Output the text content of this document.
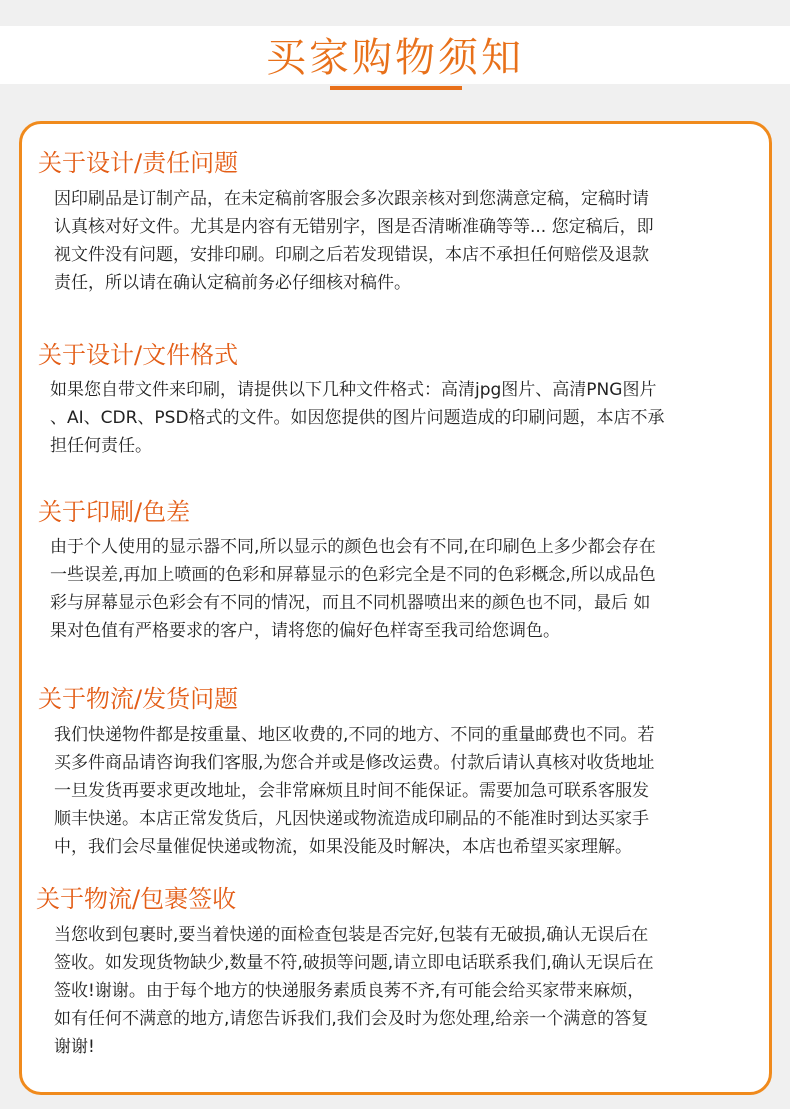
买家购物须知
关于设计/责任问题
因印刷品是订制产品，在未定稿前客服会多次跟亲核对到您满意定稿，定稿时请
认真核对好文件。尤其是内容有无错别字，图是否清晰准确等等... 您定稿后，即
视文件没有问题，安排印刷。印刷之后若发现错误，本店不承担任何赔偿及退款
责任，所以请在确认定稿前务必仔细核对稿件。
关于设计/文件格式
如果您自带文件来印刷，请提供以下几种文件格式：高清jpg图片、高清PNG图片
、AI、CDR、PSD格式的文件。如因您提供的图片问题造成的印刷问题，本店不承
担任何责任。
关于印刷/色差
由于个人使用的显示器不同,所以显示的颜色也会有不同,在印刷色上多少都会存在
一些误差,再加上喷画的色彩和屏幕显示的色彩完全是不同的色彩概念,所以成品色
彩与屏幕显示色彩会有不同的情况，而且不同机器喷出来的颜色也不同，最后 如
果对色值有严格要求的客户，请将您的偏好色样寄至我司给您调色。
关于物流/发货问题
我们快递物件都是按重量、地区收费的,不同的地方、不同的重量邮费也不同。若
买多件商品请咨询我们客服,为您合并或是修改运费。付款后请认真核对收货地址
一旦发货再要求更改地址，会非常麻烦且时间不能保证。需要加急可联系客服发
顺丰快递。本店正常发货后，凡因快递或物流造成印刷品的不能准时到达买家手
中，我们会尽量催促快递或物流，如果没能及时解决，本店也希望买家理解。
关于物流/包裹签收
当您收到包裹时,要当着快递的面检查包装是否完好,包装有无破损,确认无误后在
签收。如发现货物缺少,数量不符,破损等问题,请立即电话联系我们,确认无误后在
签收!谢谢。由于每个地方的快递服务素质良莠不齐,有可能会给买家带来麻烦，
如有任何不满意的地方,请您告诉我们,我们会及时为您处理,给亲一个满意的答复
谢谢!
